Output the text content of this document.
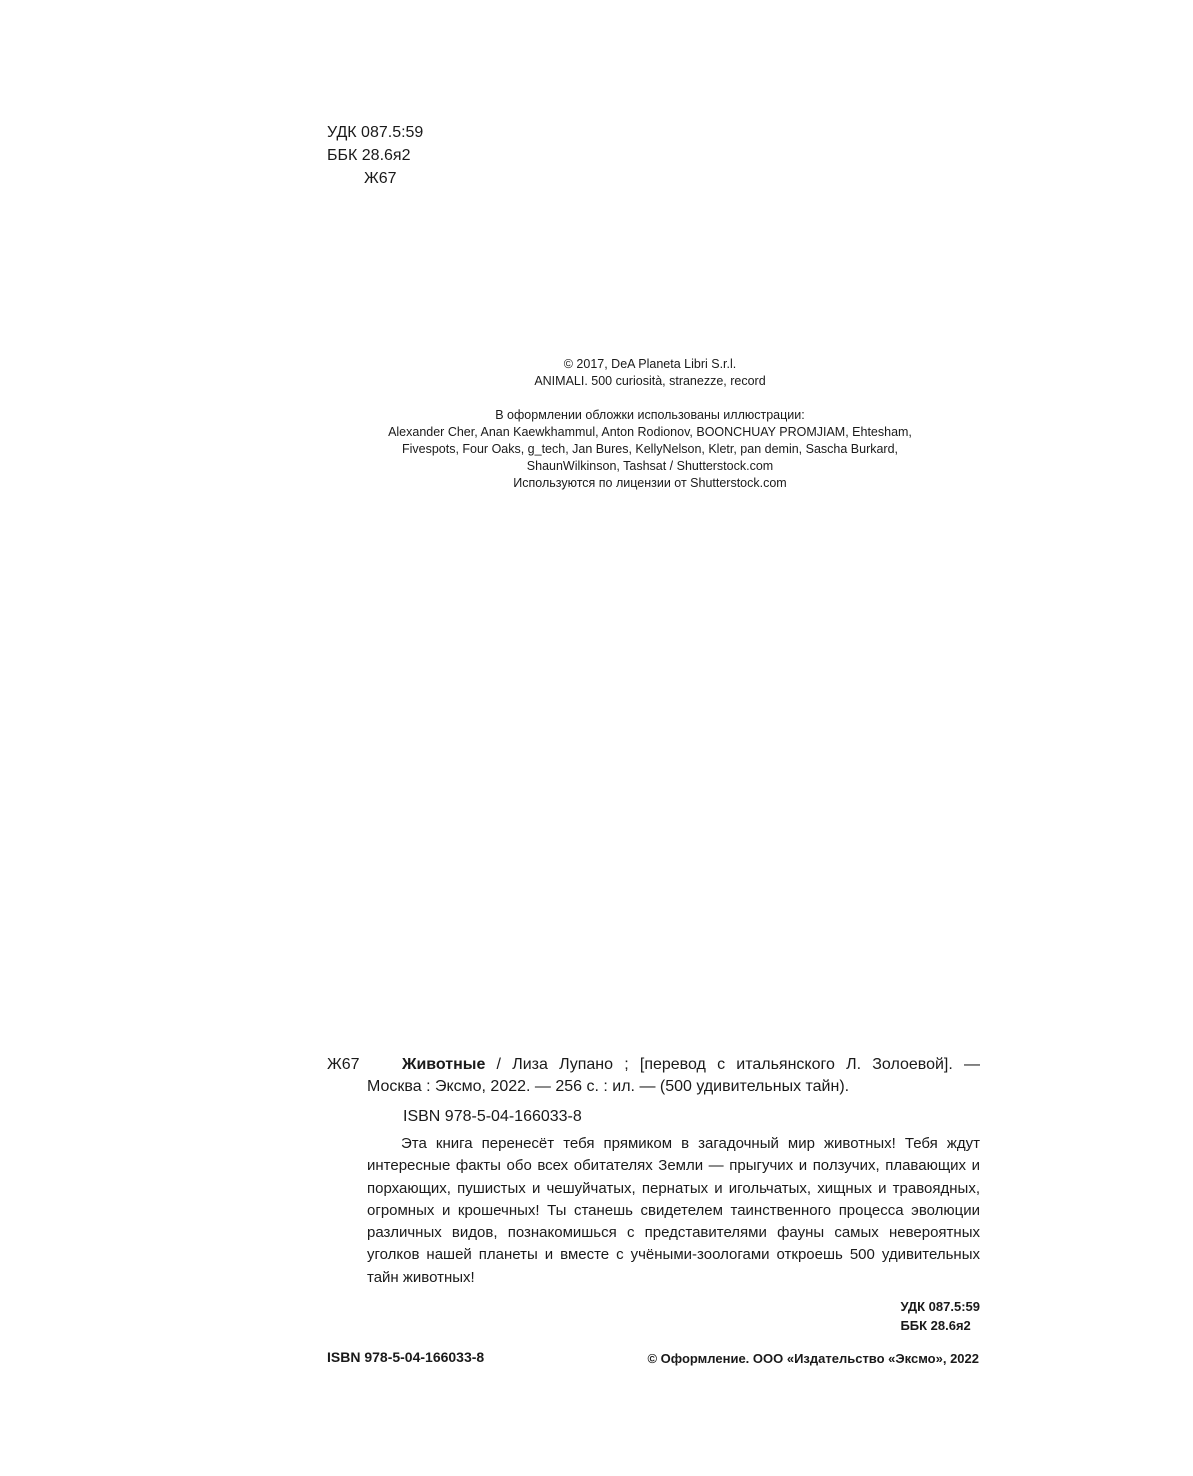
УДК 087.5:59
ББК 28.6я2
Ж67
© 2017, DeA Planeta Libri S.r.l.
ANIMALI. 500 curiosità, stranezze, record
В оформлении обложки использованы иллюстрации:
Alexander Cher, Anan Kaewkhammul, Anton Rodionov, BOONCHUAY PROMJIAM, Ehtesham,
Fivespots, Four Oaks, g_tech, Jan Bures, KellyNelson, Kletr, pan demin, Sascha Burkard,
ShaunWilkinson, Tashsat / Shutterstock.com
Используются по лицензии от Shutterstock.com
Ж67	Животные / Лиза Лупано ; [перевод с итальянского Л. Золоевой]. —
Москва : Эксмо, 2022. — 256 с. : ил. — (500 удивительных тайн).
ISBN 978-5-04-166033-8
Эта книга перенесёт тебя прямиком в загадочный мир животных! Тебя ждут интересные факты обо всех обитателях Земли — прыгучих и ползучих, плавающих и порхающих, пушистых и чешуйчатых, пернатых и игольчатых, хищных и травоядных, огромных и крошечных! Ты станешь свидетелем таинственного процесса эволюции различных видов, познакомишься с представителями фауны самых невероятных уголков нашей планеты и вместе с учёными-зоологами откроешь 500 удивительных тайн животных!
УДК 087.5:59
ББК 28.6я2
ISBN 978-5-04-166033-8	© Оформление. ООО «Издательство «Эксмо», 2022
